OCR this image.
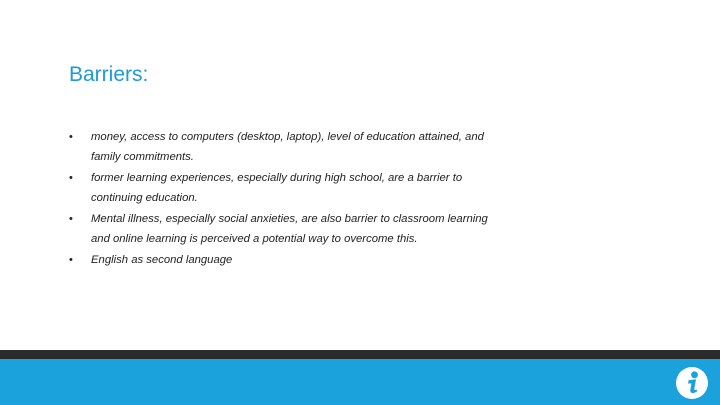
Barriers:
• money, access to computers (desktop, laptop), level of education attained, and family commitments.
• former learning experiences, especially during high school, are a barrier to continuing education.
• Mental illness, especially social anxieties, are also barrier to classroom learning and online learning is perceived a potential way to overcome this.
• English as second language
